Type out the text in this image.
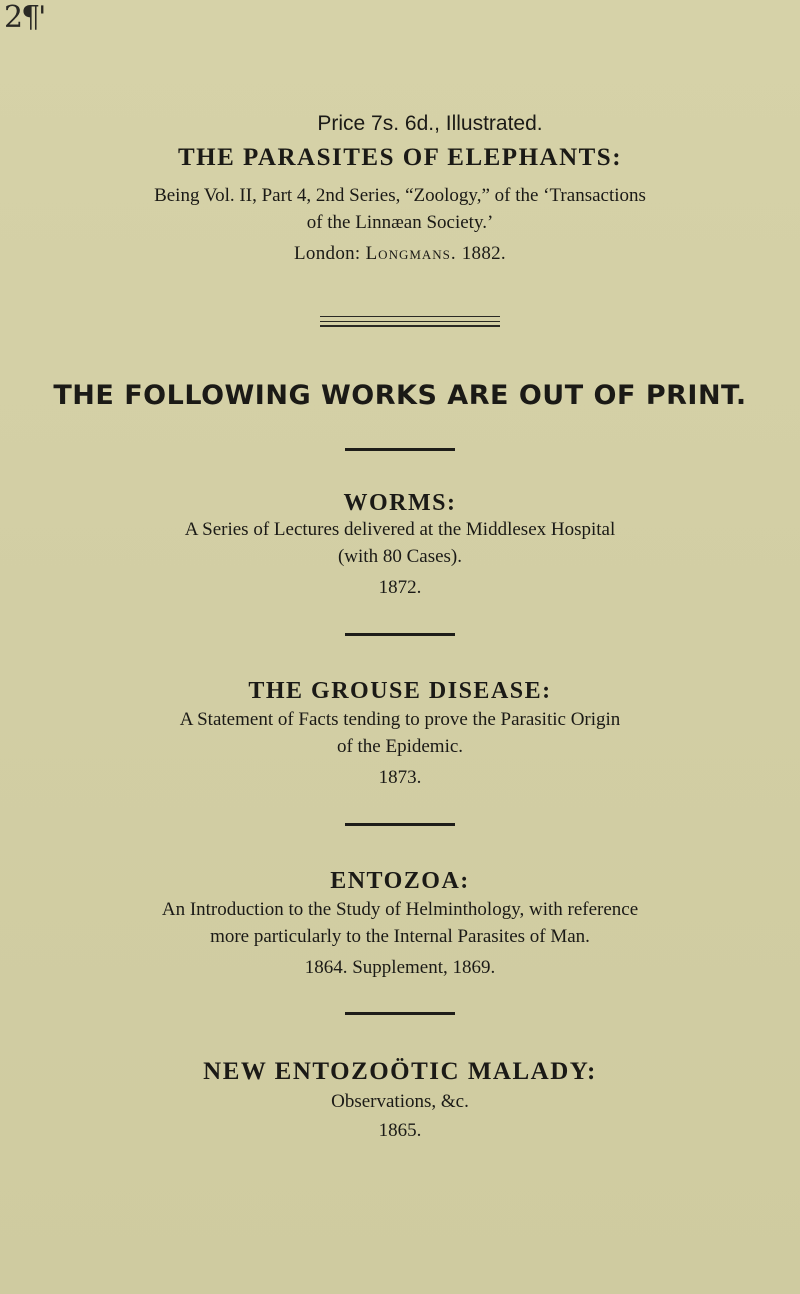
2¶'
Price 7s. 6d., Illustrated.
THE PARASITES OF ELEPHANTS:
Being Vol. II, Part 4, 2nd Series, “Zoology,” of the ‘Transactions
of the Linnæan Society.’
London: Longmans. 1882.
THE FOLLOWING WORKS ARE OUT OF PRINT.
WORMS:
A Series of Lectures delivered at the Middlesex Hospital
(with 80 Cases).
1872.
THE GROUSE DISEASE:
A Statement of Facts tending to prove the Parasitic Origin
of the Epidemic.
1873.
ENTOZOA:
An Introduction to the Study of Helminthology, with reference
more particularly to the Internal Parasites of Man.
1864. Supplement, 1869.
NEW ENTOZOÖTIC MALADY:
Observations, &c.
1865.
